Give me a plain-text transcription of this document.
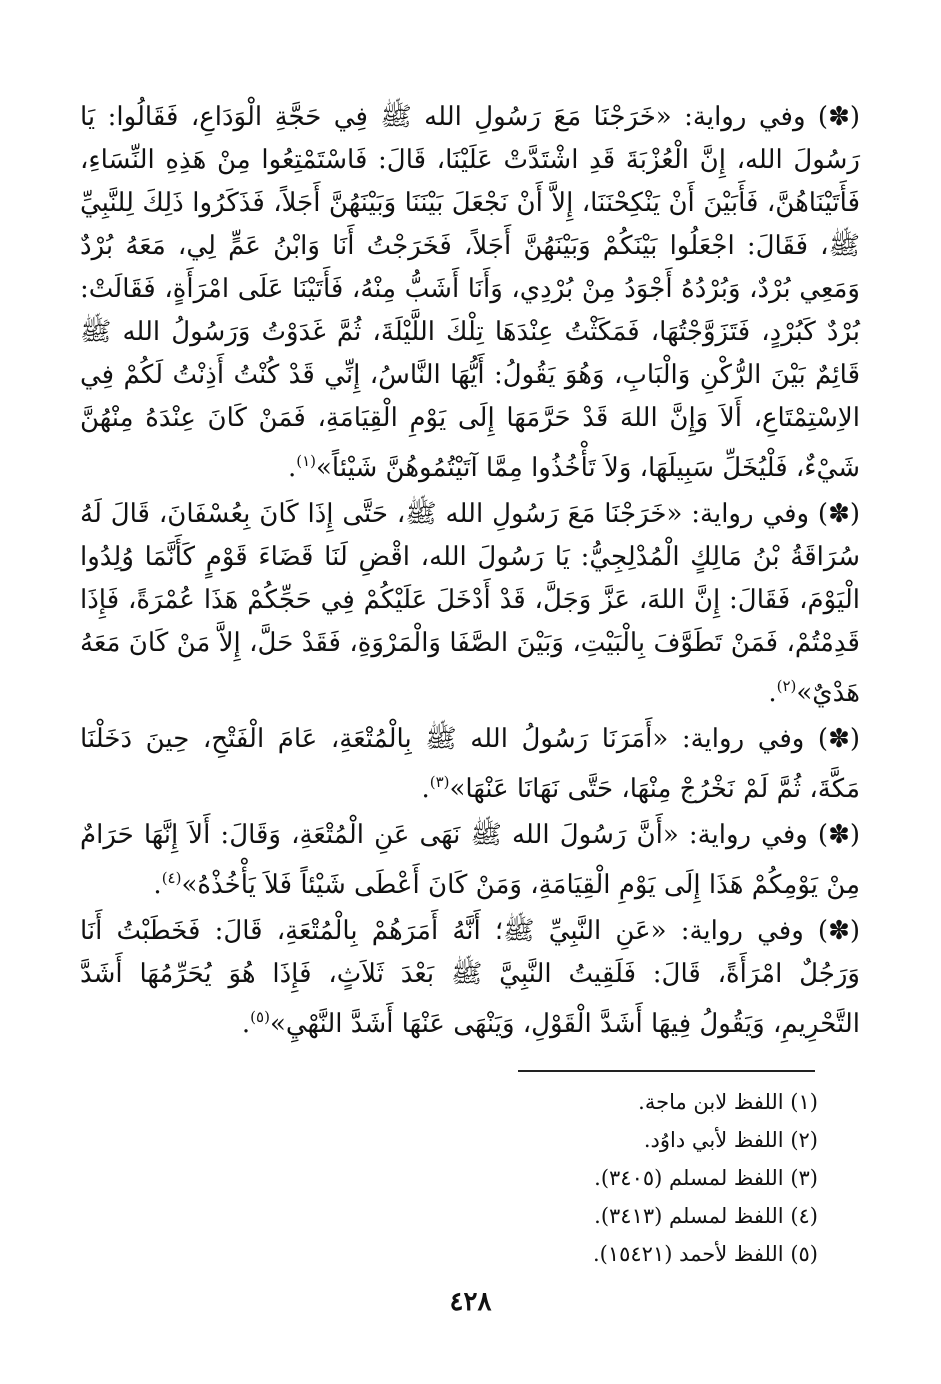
(✽) وفي رواية: «خَرَجْنَا مَعَ رَسُولِ الله ﷺ فِي حَجَّةِ الْوَدَاعِ، فَقَالُوا: يَا رَسُولَ الله، إِنَّ الْعُزْبَةَ قَدِ اشْتَدَّتْ عَلَيْنَا، قَالَ: فَاسْتَمْتِعُوا مِنْ هَذِهِ النِّسَاءِ، فَأَتَيْنَاهُنَّ، فَأَبَيْنَ أَنْ يَنْكِحْنَنَا، إِلاَّ أَنْ نَجْعَلَ بَيْنَنَا وَبَيْنَهُنَّ أَجَلاً، فَذَكَرُوا ذَلِكَ لِلنَّبِيِّ ﷺ، فَقَالَ: اجْعَلُوا بَيْنَكُمْ وَبَيْنَهُنَّ أَجَلاً، فَخَرَجْتُ أَنَا وَابْنُ عَمٍّ لِي، مَعَهُ بُرْدٌ وَمَعِي بُرْدٌ، وَبُرْدُهُ أَجْوَدُ مِنْ بُرْدِي، وَأَنَا أَشَبُّ مِنْهُ، فَأَتَيْنَا عَلَى امْرَأَةٍ، فَقَالَتْ: بُرْدٌ كَبُرْدٍ، فَتَزَوَّجْتُهَا، فَمَكَثْتُ عِنْدَهَا تِلْكَ اللَّيْلَةَ، ثُمَّ غَدَوْتُ وَرَسُولُ الله ﷺ قَائِمٌ بَيْنَ الرُّكْنِ وَالْبَابِ، وَهُوَ يَقُولُ: أَيُّهَا النَّاسُ، إِنِّي قَدْ كُنْتُ أَذِنْتُ لَكُمْ فِي الاِسْتِمْتَاعِ، أَلاَ وَإِنَّ اللهَ قَدْ حَرَّمَهَا إِلَى يَوْمِ الْقِيَامَةِ، فَمَنْ كَانَ عِنْدَهُ مِنْهُنَّ شَيْءٌ، فَلْيُخَلِّ سَبِيلَهَا، وَلاَ تَأْخُذُوا مِمَّا آتَيْتُمُوهُنَّ شَيْئاً»$^{(١)}$.

(✽) وفي رواية: «خَرَجْنَا مَعَ رَسُولِ الله ﷺ، حَتَّى إِذَا كَانَ بِعُسْفَانَ، قَالَ لَهُ سُرَاقَةُ بْنُ مَالِكٍ الْمُدْلِجِيُّ: يَا رَسُولَ الله، اقْضِ لَنَا قَضَاءَ قَوْمٍ كَأَنَّمَا وُلِدُوا الْيَوْمَ، فَقَالَ: إِنَّ اللهَ، عَزَّ وَجَلَّ، قَدْ أَدْخَلَ عَلَيْكُمْ فِي حَجِّكُمْ هَذَا عُمْرَةً، فَإِذَا قَدِمْتُمْ، فَمَنْ تَطَوَّفَ بِالْبَيْتِ، وَبَيْنَ الصَّفَا وَالْمَرْوَةِ، فَقَدْ حَلَّ، إِلاَّ مَنْ كَانَ مَعَهُ هَدْيٌ»$^{(٢)}$.

(✽) وفي رواية: «أَمَرَنَا رَسُولُ الله ﷺ بِالْمُتْعَةِ، عَامَ الْفَتْحِ، حِينَ دَخَلْنَا مَكَّةَ، ثُمَّ لَمْ نَخْرُجْ مِنْهَا، حَتَّى نَهَانَا عَنْهَا»$^{(٣)}$.

(✽) وفي رواية: «أَنَّ رَسُولَ الله ﷺ نَهَى عَنِ الْمُتْعَةِ، وَقَالَ: أَلاَ إِنَّهَا حَرَامٌ مِنْ يَوْمِكُمْ هَذَا إِلَى يَوْمِ الْقِيَامَةِ، وَمَنْ كَانَ أَعْطَى شَيْئاً فَلاَ يَأْخُذْهُ»$^{(٤)}$.

(✽) وفي رواية: «عَنِ النَّبِيِّ ﷺ؛ أَنَّهُ أَمَرَهُمْ بِالْمُتْعَةِ، قَالَ: فَخَطَبْتُ أَنَا وَرَجُلٌ امْرَأَةً، قَالَ: فَلَقِيتُ النَّبِيَّ ﷺ بَعْدَ ثَلاَثٍ، فَإِذَا هُوَ يُحَرِّمُهَا أَشَدَّ التَّحْرِيمِ، وَيَقُولُ فِيهَا أَشَدَّ الْقَوْلِ، وَيَنْهَى عَنْهَا أَشَدَّ النَّهْيِ»$^{(٥)}$.

(١) اللفظ لابن ماجة.

(٢) اللفظ لأبي داوُد.

(٣) اللفظ لمسلم (٣٤٠٥).

(٤) اللفظ لمسلم (٣٤١٣).

(٥) اللفظ لأحمد (١٥٤٢١).

٤٢٨
